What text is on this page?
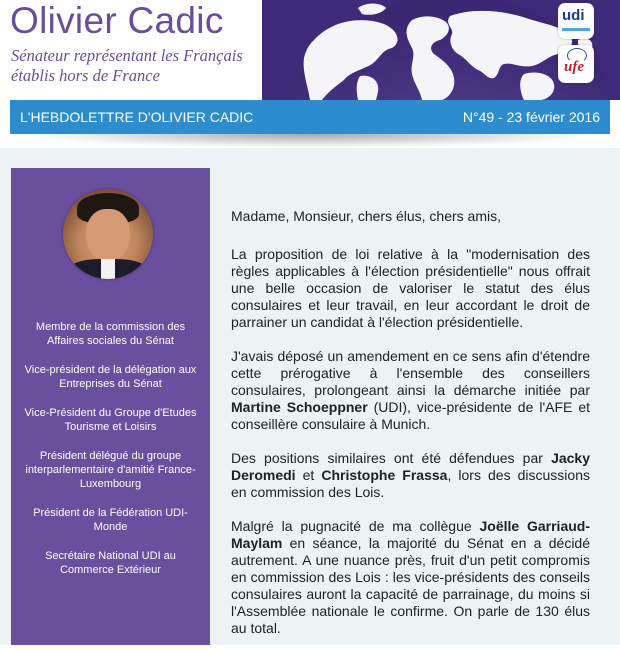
Olivier Cadic
Sénateur représentant les Français établis hors de France
udi
ufe
L'HEBDOLETTRE D'OLIVIER CADIC	N°49 - 23 février 2016
Membre de la commission des Affaires sociales du Sénat
Vice-président de la délégation aux Entreprises du Sénat
Vice-Président du Groupe d'Etudes Tourisme et Loisirs
Président délégué du groupe interparlementaire d'amitié France-Luxembourg
Président de la Fédération UDI-Monde
Secrétaire National UDI au Commerce Extérieur

Madame, Monsieur, chers élus, chers amis,

La proposition de loi relative à la "modernisation des règles applicables à l'élection présidentielle" nous offrait une belle occasion de valoriser le statut des élus consulaires et leur travail, en leur accordant le droit de parrainer un candidat à l'élection présidentielle.

J'avais déposé un amendement en ce sens afin d'étendre cette prérogative à l'ensemble des conseillers consulaires, prolongeant ainsi la démarche initiée par Martine Schoeppner (UDI), vice-présidente de l'AFE et conseillère consulaire à Munich.

Des positions similaires ont été défendues par Jacky Deromedi et Christophe Frassa, lors des discussions en commission des Lois.

Malgré la pugnacité de ma collègue Joëlle Garriaud-Maylam en séance, la majorité du Sénat en a décidé autrement. A une nuance près, fruit d'un petit compromis en commission des Lois : les vice-présidents des conseils consulaires auront la capacité de parrainage, du moins si l'Assemblée nationale le confirme. On parle de 130 élus au total.
